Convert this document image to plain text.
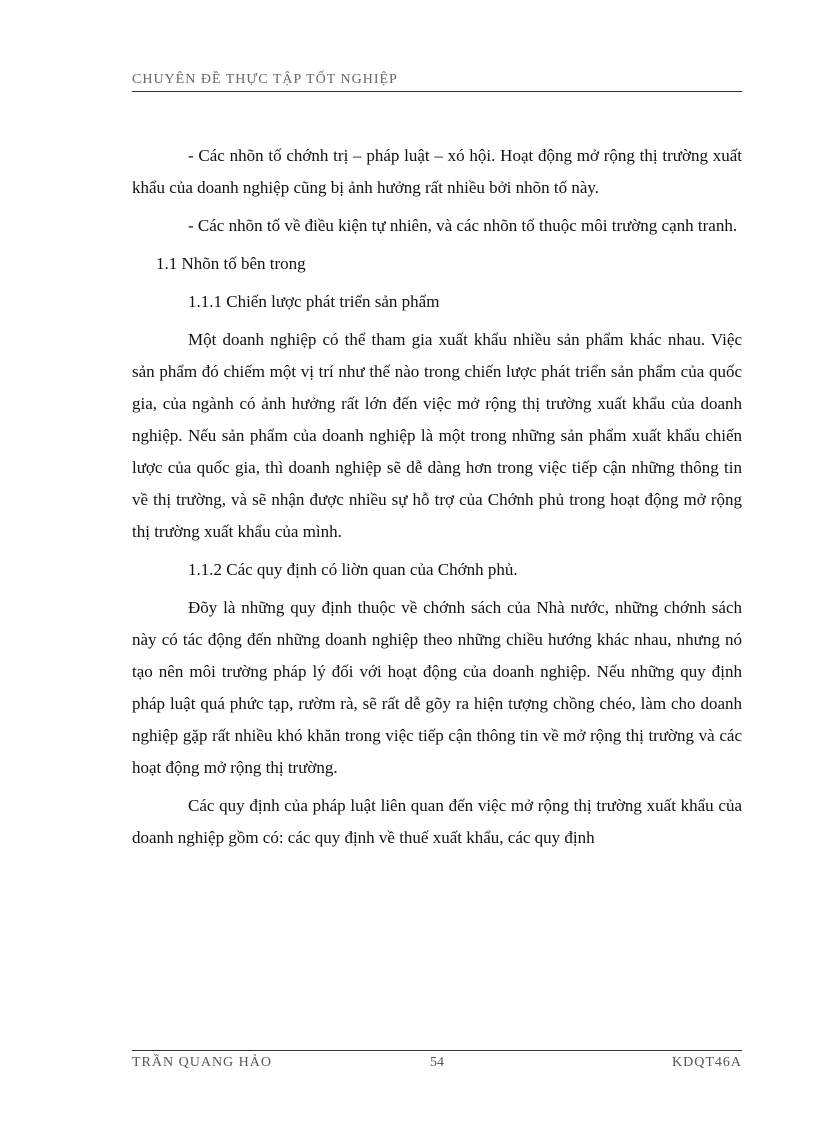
CHUYÊN ĐỀ THỰC TẬP TỐT NGHIỆP

- Các nhõn tố chớnh trị – pháp luật – xó hội. Hoạt động mở rộng thị trường xuất khẩu của doanh nghiệp cũng bị ảnh hưởng rất nhiều bởi nhõn tố này.

- Các nhõn tố về điều kiện tự nhiên, và các nhõn tố thuộc môi trường cạnh tranh.

1.1 Nhõn tố bên trong

1.1.1 Chiến lược phát triển sản phẩm

Một doanh nghiệp có thể tham gia xuất khẩu nhiều sản phẩm khác nhau. Việc sản phẩm đó chiếm một vị trí như thế nào trong chiến lược phát triển sản phẩm của quốc gia, của ngành có ảnh hưởng rất lớn đến việc mở rộng thị trường xuất khẩu của doanh nghiệp. Nếu sản phẩm của doanh nghiệp là một trong những sản phẩm xuất khẩu chiến lược của quốc gia, thì doanh nghiệp sẽ dễ dàng hơn trong việc tiếp cận những thông tin về thị trường, và sẽ nhận được nhiều sự hỗ trợ của Chớnh phủ trong hoạt động mở rộng thị trường xuất khẩu của mình.

1.1.2 Các quy định có liờn quan của Chớnh phủ.

Đõy là những quy định thuộc về chớnh sách của Nhà nước, những chớnh sách này có tác động đến những doanh nghiệp theo những chiều hướng khác nhau, nhưng nó tạo nên môi trường pháp lý đối với hoạt động của doanh nghiệp. Nếu những quy định pháp luật quá phức tạp, rườm rà, sẽ rất dễ gõy ra hiện tượng chồng chéo, làm cho doanh nghiệp gặp rất nhiều khó khăn trong việc tiếp cận thông tin về mở rộng thị trường và các hoạt động mở rộng thị trường.

Các quy định của pháp luật liên quan đến việc mở rộng thị trường xuất khẩu của doanh nghiệp gồm có: các quy định về thuế xuất khẩu, các quy định

TRẦN QUANG HẢO	54	KDQT46A
